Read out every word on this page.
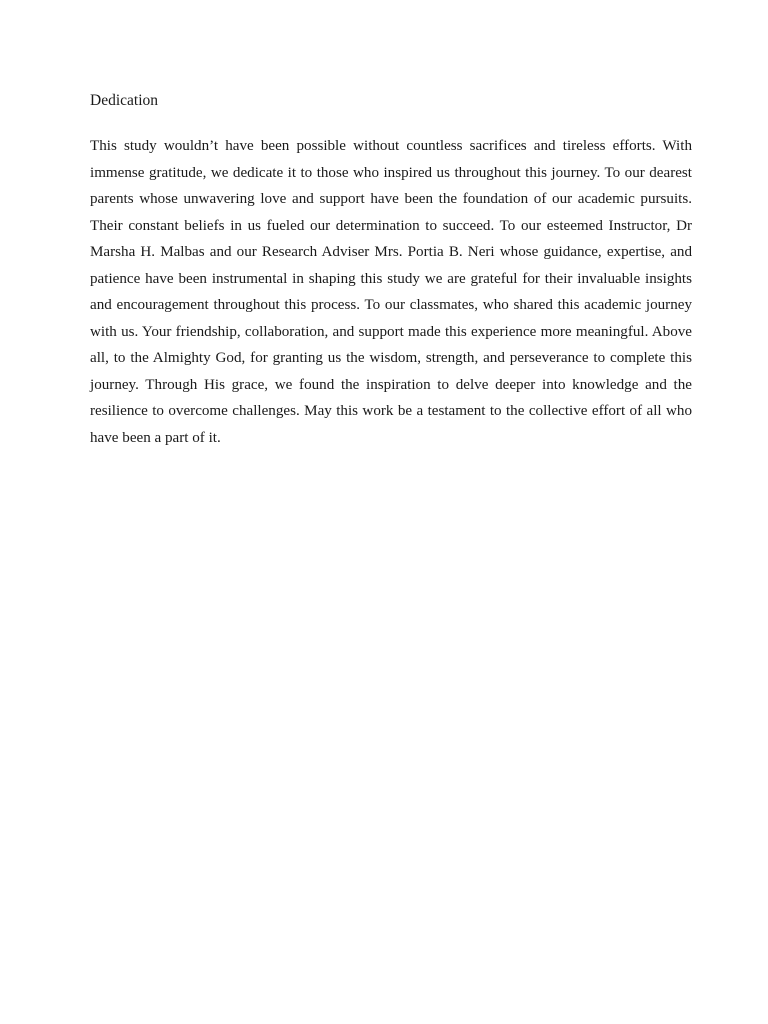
Dedication

This study wouldn’t have been possible without countless sacrifices and tireless efforts. With immense gratitude, we dedicate it to those who inspired us throughout this journey. To our dearest parents whose unwavering love and support have been the foundation of our academic pursuits. Their constant beliefs in us fueled our determination to succeed. To our esteemed Instructor, Dr Marsha H. Malbas and our Research Adviser Mrs. Portia B. Neri whose guidance, expertise, and patience have been instrumental in shaping this study we are grateful for their invaluable insights and encouragement throughout this process. To our classmates, who shared this academic journey with us. Your friendship, collaboration, and support made this experience more meaningful. Above all, to the Almighty God, for granting us the wisdom, strength, and perseverance to complete this journey. Through His grace, we found the inspiration to delve deeper into knowledge and the resilience to overcome challenges. May this work be a testament to the collective effort of all who have been a part of it.
